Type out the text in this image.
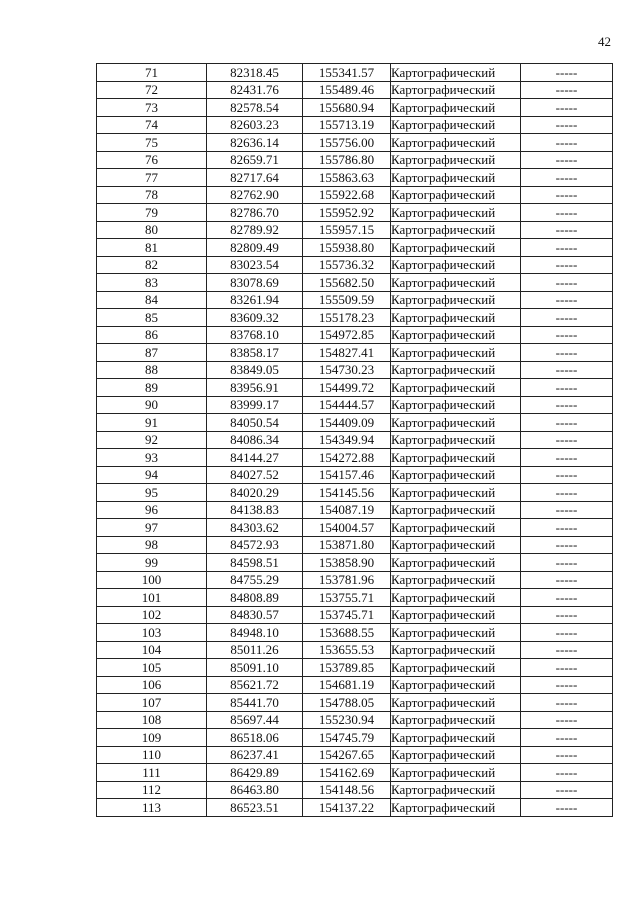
42
71	82318.45	155341.57	Картографический	-----
72	82431.76	155489.46	Картографический	-----
73	82578.54	155680.94	Картографический	-----
74	82603.23	155713.19	Картографический	-----
75	82636.14	155756.00	Картографический	-----
76	82659.71	155786.80	Картографический	-----
77	82717.64	155863.63	Картографический	-----
78	82762.90	155922.68	Картографический	-----
79	82786.70	155952.92	Картографический	-----
80	82789.92	155957.15	Картографический	-----
81	82809.49	155938.80	Картографический	-----
82	83023.54	155736.32	Картографический	-----
83	83078.69	155682.50	Картографический	-----
84	83261.94	155509.59	Картографический	-----
85	83609.32	155178.23	Картографический	-----
86	83768.10	154972.85	Картографический	-----
87	83858.17	154827.41	Картографический	-----
88	83849.05	154730.23	Картографический	-----
89	83956.91	154499.72	Картографический	-----
90	83999.17	154444.57	Картографический	-----
91	84050.54	154409.09	Картографический	-----
92	84086.34	154349.94	Картографический	-----
93	84144.27	154272.88	Картографический	-----
94	84027.52	154157.46	Картографический	-----
95	84020.29	154145.56	Картографический	-----
96	84138.83	154087.19	Картографический	-----
97	84303.62	154004.57	Картографический	-----
98	84572.93	153871.80	Картографический	-----
99	84598.51	153858.90	Картографический	-----
100	84755.29	153781.96	Картографический	-----
101	84808.89	153755.71	Картографический	-----
102	84830.57	153745.71	Картографический	-----
103	84948.10	153688.55	Картографический	-----
104	85011.26	153655.53	Картографический	-----
105	85091.10	153789.85	Картографический	-----
106	85621.72	154681.19	Картографический	-----
107	85441.70	154788.05	Картографический	-----
108	85697.44	155230.94	Картографический	-----
109	86518.06	154745.79	Картографический	-----
110	86237.41	154267.65	Картографический	-----
111	86429.89	154162.69	Картографический	-----
112	86463.80	154148.56	Картографический	-----
113	86523.51	154137.22	Картографический	-----
